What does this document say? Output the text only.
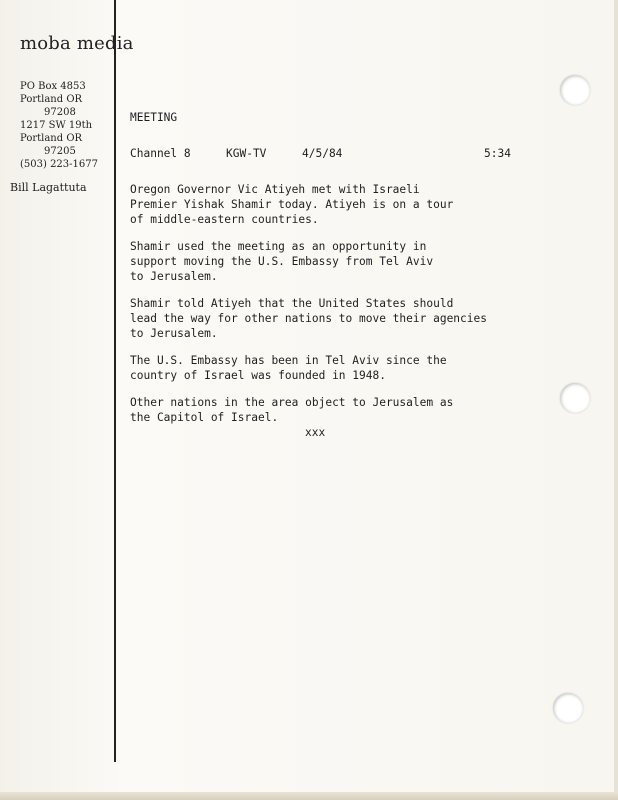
moba media
PO Box 4853
Portland OR
97208
1217 SW 19th
Portland OR
97205
(503) 223-1677
Bill Lagattuta
MEETING
Channel 8	KGW-TV	4/5/84	5:34

Oregon Governor Vic Atiyeh met with Israeli
Premier Yishak Shamir today. Atiyeh is on a tour
of middle-eastern countries.

Shamir used the meeting as an opportunity in
support moving the U.S. Embassy from Tel Aviv
to Jerusalem.

Shamir told Atiyeh that the United States should
lead the way for other nations to move their agencies
to Jerusalem.

The U.S. Embassy has been in Tel Aviv since the
country of Israel was founded in 1948.

Other nations in the area object to Jerusalem as
the Capitol of Israel.

xxx
